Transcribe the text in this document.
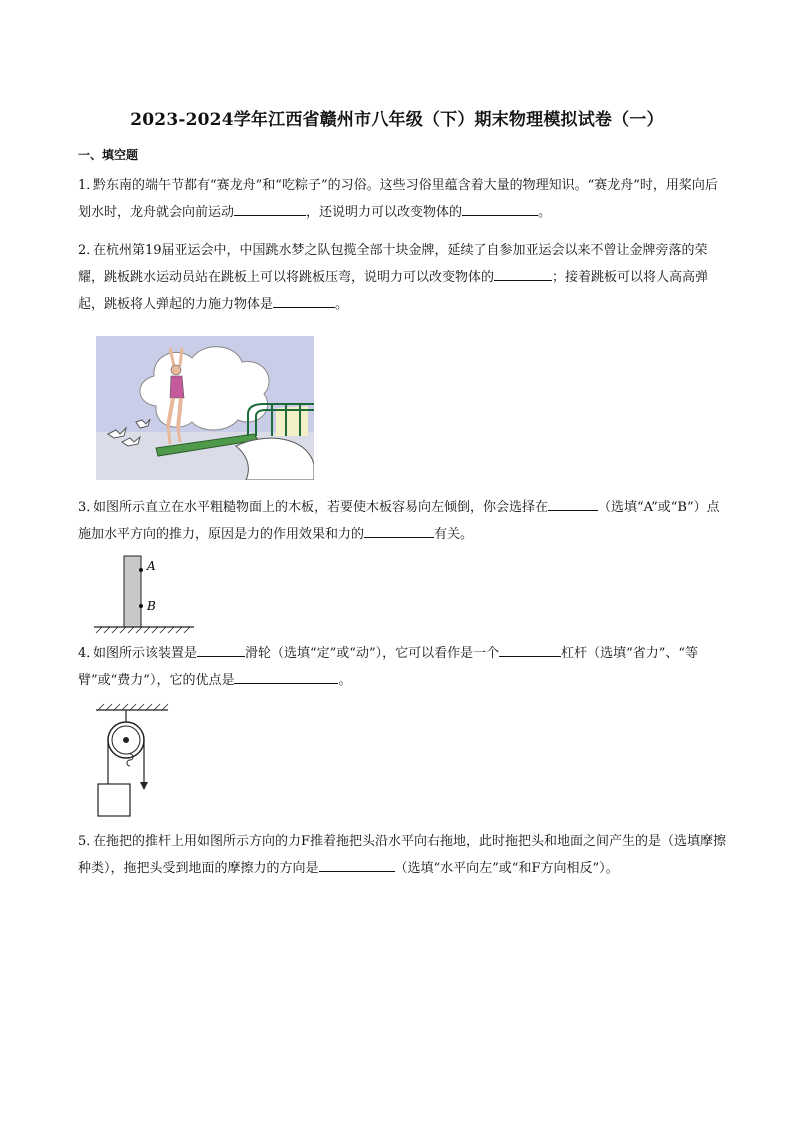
2023-2024学年江西省赣州市八年级（下）期末物理模拟试卷（一）
一、填空题
1．黔东南的端午节都有“赛龙舟”和“吃粽子”的习俗。这些习俗里蕴含着大量的物理知识。“赛龙舟”时，用桨向后划水时，龙舟就会向前运动	，还说明力可以改变物体的	。
2．在杭州第19届亚运会中，中国跳水梦之队包揽全部十块金牌，延续了自参加亚运会以来不曾让金牌旁落的荣耀，跳板跳水运动员站在跳板上可以将跳板压弯，说明力可以改变物体的	；接着跳板可以将人高高弹起，跳板将人弹起的力施力物体是	。
3．如图所示直立在水平粗糙物面上的木板，若要使木板容易向左倾倒，你会选择在	（选填“A”或“B”）点施加水平方向的推力，原因是力的作用效果和力的	有关。
A
B
4．如图所示该装置是	滑轮（选填“定”或“动”），它可以看作是一个	杠杆（选填“省力”、“等臂”或“费力”），它的优点是	。
5．在拖把的推杆上用如图所示方向的力F推着拖把头沿水平向右拖地，此时拖把头和地面之间产生的是（选填摩擦种类），拖把头受到地面的摩擦力的方向是	（选填“水平向左”或“和F方向相反”）。
